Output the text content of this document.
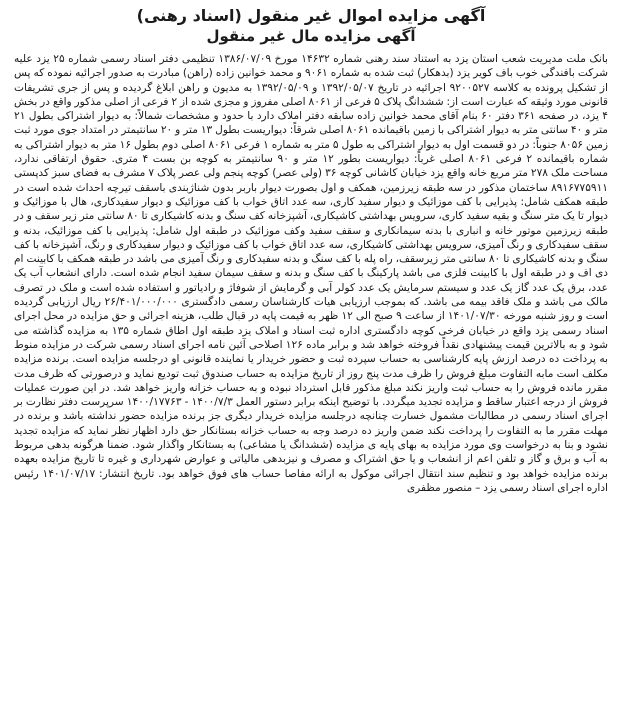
آگهی مزایده اموال غیر منقول (اسناد رهنی)

آگهی مزایده مال غیر منقول

بانک ملت مدیریت شعب استان یزد به استناد سند رهنی شماره ۱۴۶۳۲ مورخ ۱۳۸۶/۰۷/۰۹ تنظیمی دفتر اسناد رسمی شماره ۲۵ یزد علیه شرکت بافندگی خوب باف کویر یزد (بدهکار) ثبت شده به شماره ۹۰۶۱ و محمد خوانین زاده (راهن) مبادرت به صدور اجرائیه نموده که پس از تشکیل پرونده به کلاسه ۹۲۰۰۵۲۷ اجرائیه در تاریخ ۱۳۹۲/۰۵/۰۷ و ۱۳۹۲/۰۵/۰۹ به مدیون و راهن ابلاغ گردیده و پس از جری تشریفات قانونی مورد وثیقه که عبارت است از: ششدانگ پلاک ۵ فرعی از ۸۰۶۱ اصلی مفروز و مجزی شده از ۲ فرعی از اصلی مذکور واقع در بخش ۴ یزد، در صفحه ۳۶۱ دفتر ۶۰ بنام آقای محمد خوانین زاده سابقه دفتر املاک دارد با حدود و مشخصات شمالاً: به دیوار اشتراکی بطول ۲۱ متر و ۴۰ سانتی متر به دیوار اشتراکی با زمین باقیمانده ۸۰۶۱ اصلی شرقاً: دیواریست بطول ۱۳ متر و ۲۰ سانتیمتر در امتداد جوی مورد ثبت زمین ۸۰۵۶ جنوباً: در دو قسمت اول به دیوار اشتراکی به طول ۵ متر به شماره ۱ فرعی ۸۰۶۱ اصلی دوم بطول ۱۶ متر به دیوار اشتراکی به شماره باقیمانده ۲ فرعی ۸۰۶۱ اصلی غرباً: دیواریست بطور ۱۲ متر و ۹۰ سانتیمتر به کوچه بن بست ۴ متری. حقوق ارتفاقی ندارد، مساحت ملک ۲۷۸ متر مربع خانه واقع یزد خیابان کاشانی کوچه ۳۶ (ولی عصر) کوچه پنجم ولی عصر پلاک ۷ مشرف به فضای سبز کدپستی ۸۹۱۶۷۷۵۹۱۱ ساختمان مذکور در سه طبقه زیرزمین، همکف و اول بصورت دیوار باربر بدون شناژبندی باسقف تیرچه احداث شده است در طبقه همکف شامل: پذیرایی با کف موزائیک و دیوار سفید کاری، سه عدد اتاق خواب با کف موزائیک و دیوار سفیدکاری، هال با موزائیک و دیوار تا یک متر سنگ و بقیه سفید کاری، سرویس بهداشتی کاشیکاری، آشپزخانه کف سنگ و بدنه کاشیکاری تا ۸۰ سانتی متر زیر سقف و در طبقه زیرزمین موتور خانه و انباری با بدنه سیمانکاری و سقف سفید وکف موزائیک در طبقه اول شامل: پذیرایی با کف موزائیک، بدنه و سقف سفیدکاری و رنگ آمیزی، سرویس بهداشتی کاشیکاری، سه عدد اتاق خواب با کف موزائیک و دیوار سفیدکاری و رنگ، آشپزخانه با کف سنگ و بدنه کاشیکاری تا ۸۰ سانتی متر زیرسقف، راه پله با کف سنگ و بدنه سفیدکاری و رنگ آمیزی می باشد در طبقه همکف با کابینت ام دی اف و در طبقه اول با کابینت فلزی می باشد پارکینگ با کف سنگ و بدنه و سقف سیمان سفید انجام شده است. دارای انشعاب آب یک عدد، برق یک عدد گاز یک عدد و سیستم سرمایش یک عدد کولر آبی و گرمایش از شوفاژ و رادیاتور و استفاده شده است و ملک در تصرف مالک می باشد و ملک فاقد بیمه می باشد. که بموجب ارزیابی هیات کارشناسان رسمی دادگستری ۲۶/۴۰۱/۰۰۰/۰۰۰ ریال ارزیابی گردیده است و روز شنبه مورخه ۱۴۰۱/۰۷/۳۰ از ساعت ۹ صبح الی ۱۲ ظهر به قیمت پایه در قبال طلب، هزینه اجرائی و حق مزایده در محل اجرای اسناد رسمی یزد واقع در خیابان فرخی کوچه دادگستری اداره ثبت اسناد و املاک یزد طبقه اول اطاق شماره ۱۳۵ به مزایده گذاشته می شود و به بالاترین قیمت پیشنهادی نقداً فروخته خواهد شد و برابر ماده ۱۲۶ اصلاحی آئین نامه اجرای اسناد رسمی شرکت در مزایده منوط به پرداخت ده درصد ارزش پایه کارشناسی به حساب سپرده ثبت و حضور خریدار یا نماینده قانونی او درجلسه مزایده است. برنده مزایده مکلف است مابه التفاوت مبلغ فروش را ظرف مدت پنج روز از تاریخ مزایده به حساب صندوق ثبت تودیع نماید و درصورتی که ظرف مدت مقرر مانده فروش را به حساب ثبت واریز نکند مبلغ مذکور قابل استرداد نبوده و به حساب خزانه واریز خواهد شد. در این صورت عملیات فروش از درجه اعتبار ساقط و مزایده تجدید میگردد. با توضیح اینکه برابر دستور العمل ۱۴۰۰/۷/۳ - ۱۴۰۰/۱۷۷۶۳ سرپرست دفتر نظارت بر اجرای اسناد رسمی در مطالبات مشمول خسارت چنانچه درجلسه مزایده خریدار دیگری جز برنده مزایده حضور نداشته باشد و برنده در مهلت مقرر ما به التفاوت را پرداخت نکند ضمن واریز ده درصد وجه به حساب خزانه بستانکار حق دارد اظهار نظر نماید که مزایده تجدید نشود و بنا به درخواست وی مورد مزایده به بهای پایه ی مزایده (ششدانگ یا مشاعی) به بستانکار واگذار شود. ضمنا هرگونه بدهی مربوط به آب و برق و گاز و تلفن اعم از انشعاب و یا حق اشتراک و مصرف و نیزبدهی مالیاتی و عوارض شهرداری و غیره تا تاریخ مزایده بعهده برنده مزایده خواهد بود و تنظیم سند انتقال اجرائی موکول به ارائه مفاصا حساب های فوق خواهد بود. تاریخ انتشار: ۱۴۰۱/۰۷/۱۷ رئیس اداره اجرای اسناد رسمی یزد – منصور مظفری
